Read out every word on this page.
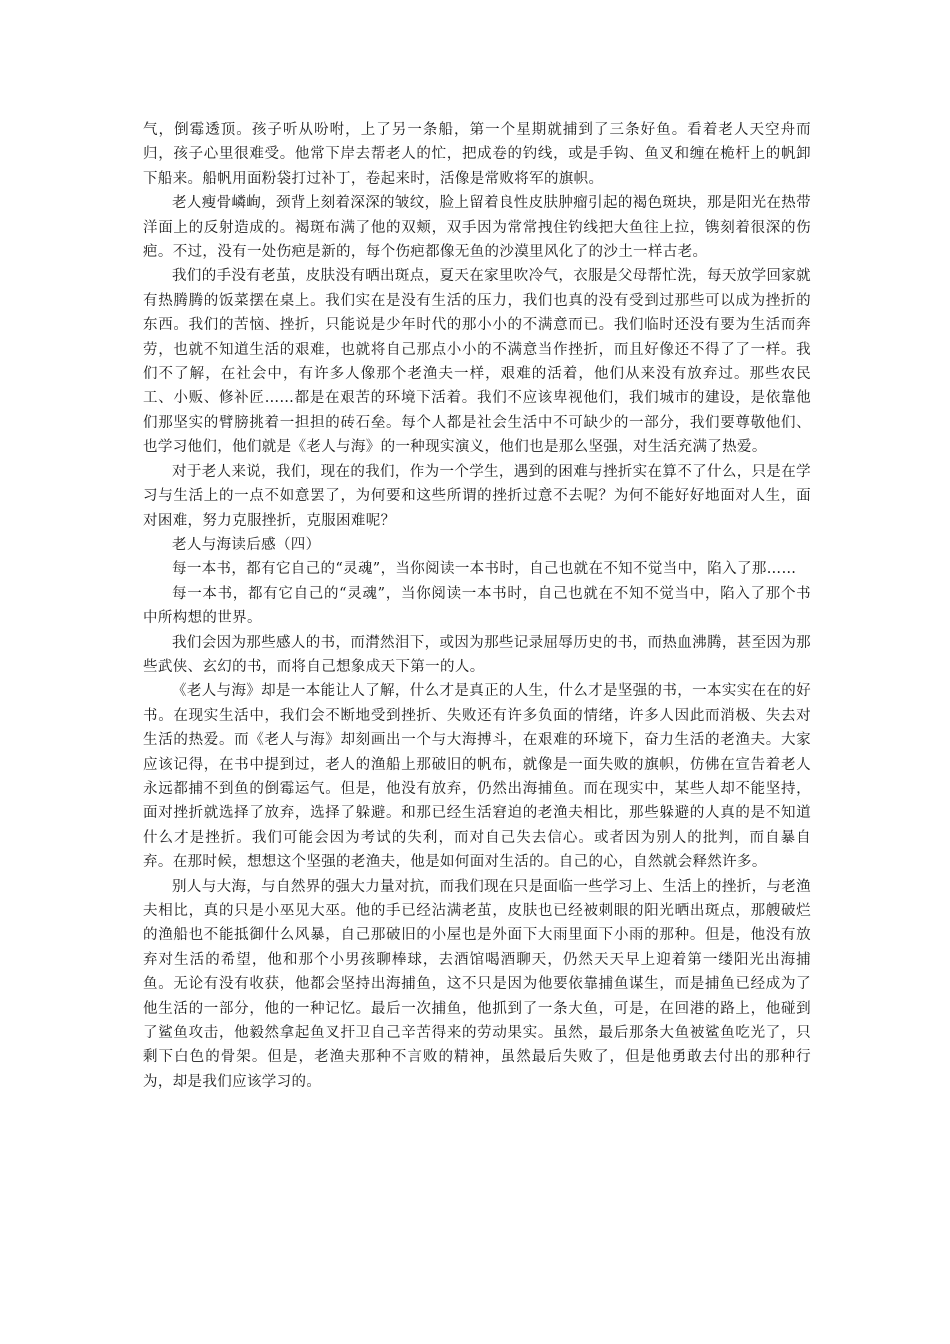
气，倒霉透顶。孩子听从吩咐，上了另一条船，第一个星期就捕到了三条好鱼。看着老人天空舟而归，孩子心里很难受。他常下岸去帮老人的忙，把成卷的钓线，或是手钩、鱼叉和缠在桅杆上的帆卸下船来。船帆用面粉袋打过补丁，卷起来时，活像是常败将军的旗帜。

老人瘦骨嶙峋，颈背上刻着深深的皱纹，脸上留着良性皮肤肿瘤引起的褐色斑块，那是阳光在热带洋面上的反射造成的。褐斑布满了他的双颊，双手因为常常拽住钓线把大鱼往上拉，镌刻着很深的伤疤。不过，没有一处伤疤是新的，每个伤疤都像无鱼的沙漠里风化了的沙土一样古老。

我们的手没有老茧，皮肤没有晒出斑点，夏天在家里吹冷气，衣服是父母帮忙洗，每天放学回家就有热腾腾的饭菜摆在桌上。我们实在是没有生活的压力，我们也真的没有受到过那些可以成为挫折的东西。我们的苦恼、挫折，只能说是少年时代的那小小的不满意而已。我们临时还没有要为生活而奔劳，也就不知道生活的艰难，也就将自己那点小小的不满意当作挫折，而且好像还不得了了一样。我们不了解，在社会中，有许多人像那个老渔夫一样，艰难的活着，他们从来没有放弃过。那些农民工、小贩、修补匠……都是在艰苦的环境下活着。我们不应该卑视他们，我们城市的建设，是依靠他们那坚实的臂膀挑着一担担的砖石垒。每个人都是社会生活中不可缺少的一部分，我们要尊敬他们、也学习他们，他们就是《老人与海》的一种现实演义，他们也是那么坚强，对生活充满了热爱。

对于老人来说，我们，现在的我们，作为一个学生，遇到的困难与挫折实在算不了什么，只是在学习与生活上的一点不如意罢了，为何要和这些所谓的挫折过意不去呢？为何不能好好地面对人生，面对困难，努力克服挫折，克服困难呢？

老人与海读后感（四）

每一本书，都有它自己的“灵魂”，当你阅读一本书时，自己也就在不知不觉当中，陷入了那……

每一本书，都有它自己的“灵魂”，当你阅读一本书时，自己也就在不知不觉当中，陷入了那个书中所构想的世界。

我们会因为那些感人的书，而潸然泪下，或因为那些记录屈辱历史的书，而热血沸腾，甚至因为那些武侠、玄幻的书，而将自己想象成天下第一的人。

《老人与海》却是一本能让人了解，什么才是真正的人生，什么才是坚强的书，一本实实在在的好书。在现实生活中，我们会不断地受到挫折、失败还有许多负面的情绪，许多人因此而消极、失去对生活的热爱。而《老人与海》却刻画出一个与大海搏斗，在艰难的环境下，奋力生活的老渔夫。大家应该记得，在书中提到过，老人的渔船上那破旧的帆布，就像是一面失败的旗帜，仿佛在宣告着老人永远都捕不到鱼的倒霉运气。但是，他没有放弃，仍然出海捕鱼。而在现实中，某些人却不能坚持，面对挫折就选择了放弃，选择了躲避。和那已经生活窘迫的老渔夫相比，那些躲避的人真的是不知道什么才是挫折。我们可能会因为考试的失利，而对自己失去信心。或者因为别人的批判，而自暴自弃。在那时候，想想这个坚强的老渔夫，他是如何面对生活的。自己的心，自然就会释然许多。

别人与大海，与自然界的强大力量对抗，而我们现在只是面临一些学习上、生活上的挫折，与老渔夫相比，真的只是小巫见大巫。他的手已经沾满老茧，皮肤也已经被刺眼的阳光晒出斑点，那艘破烂的渔船也不能抵御什么风暴，自己那破旧的小屋也是外面下大雨里面下小雨的那种。但是，他没有放弃对生活的希望，他和那个小男孩聊棒球，去酒馆喝酒聊天，仍然天天早上迎着第一缕阳光出海捕鱼。无论有没有收获，他都会坚持出海捕鱼，这不只是因为他要依靠捕鱼谋生，而是捕鱼已经成为了他生活的一部分，他的一种记忆。最后一次捕鱼，他抓到了一条大鱼，可是，在回港的路上，他碰到了鲨鱼攻击，他毅然拿起鱼叉扞卫自己辛苦得来的劳动果实。虽然，最后那条大鱼被鲨鱼吃光了，只剩下白色的骨架。但是，老渔夫那种不言败的精神，虽然最后失败了，但是他勇敢去付出的那种行为，却是我们应该学习的。
